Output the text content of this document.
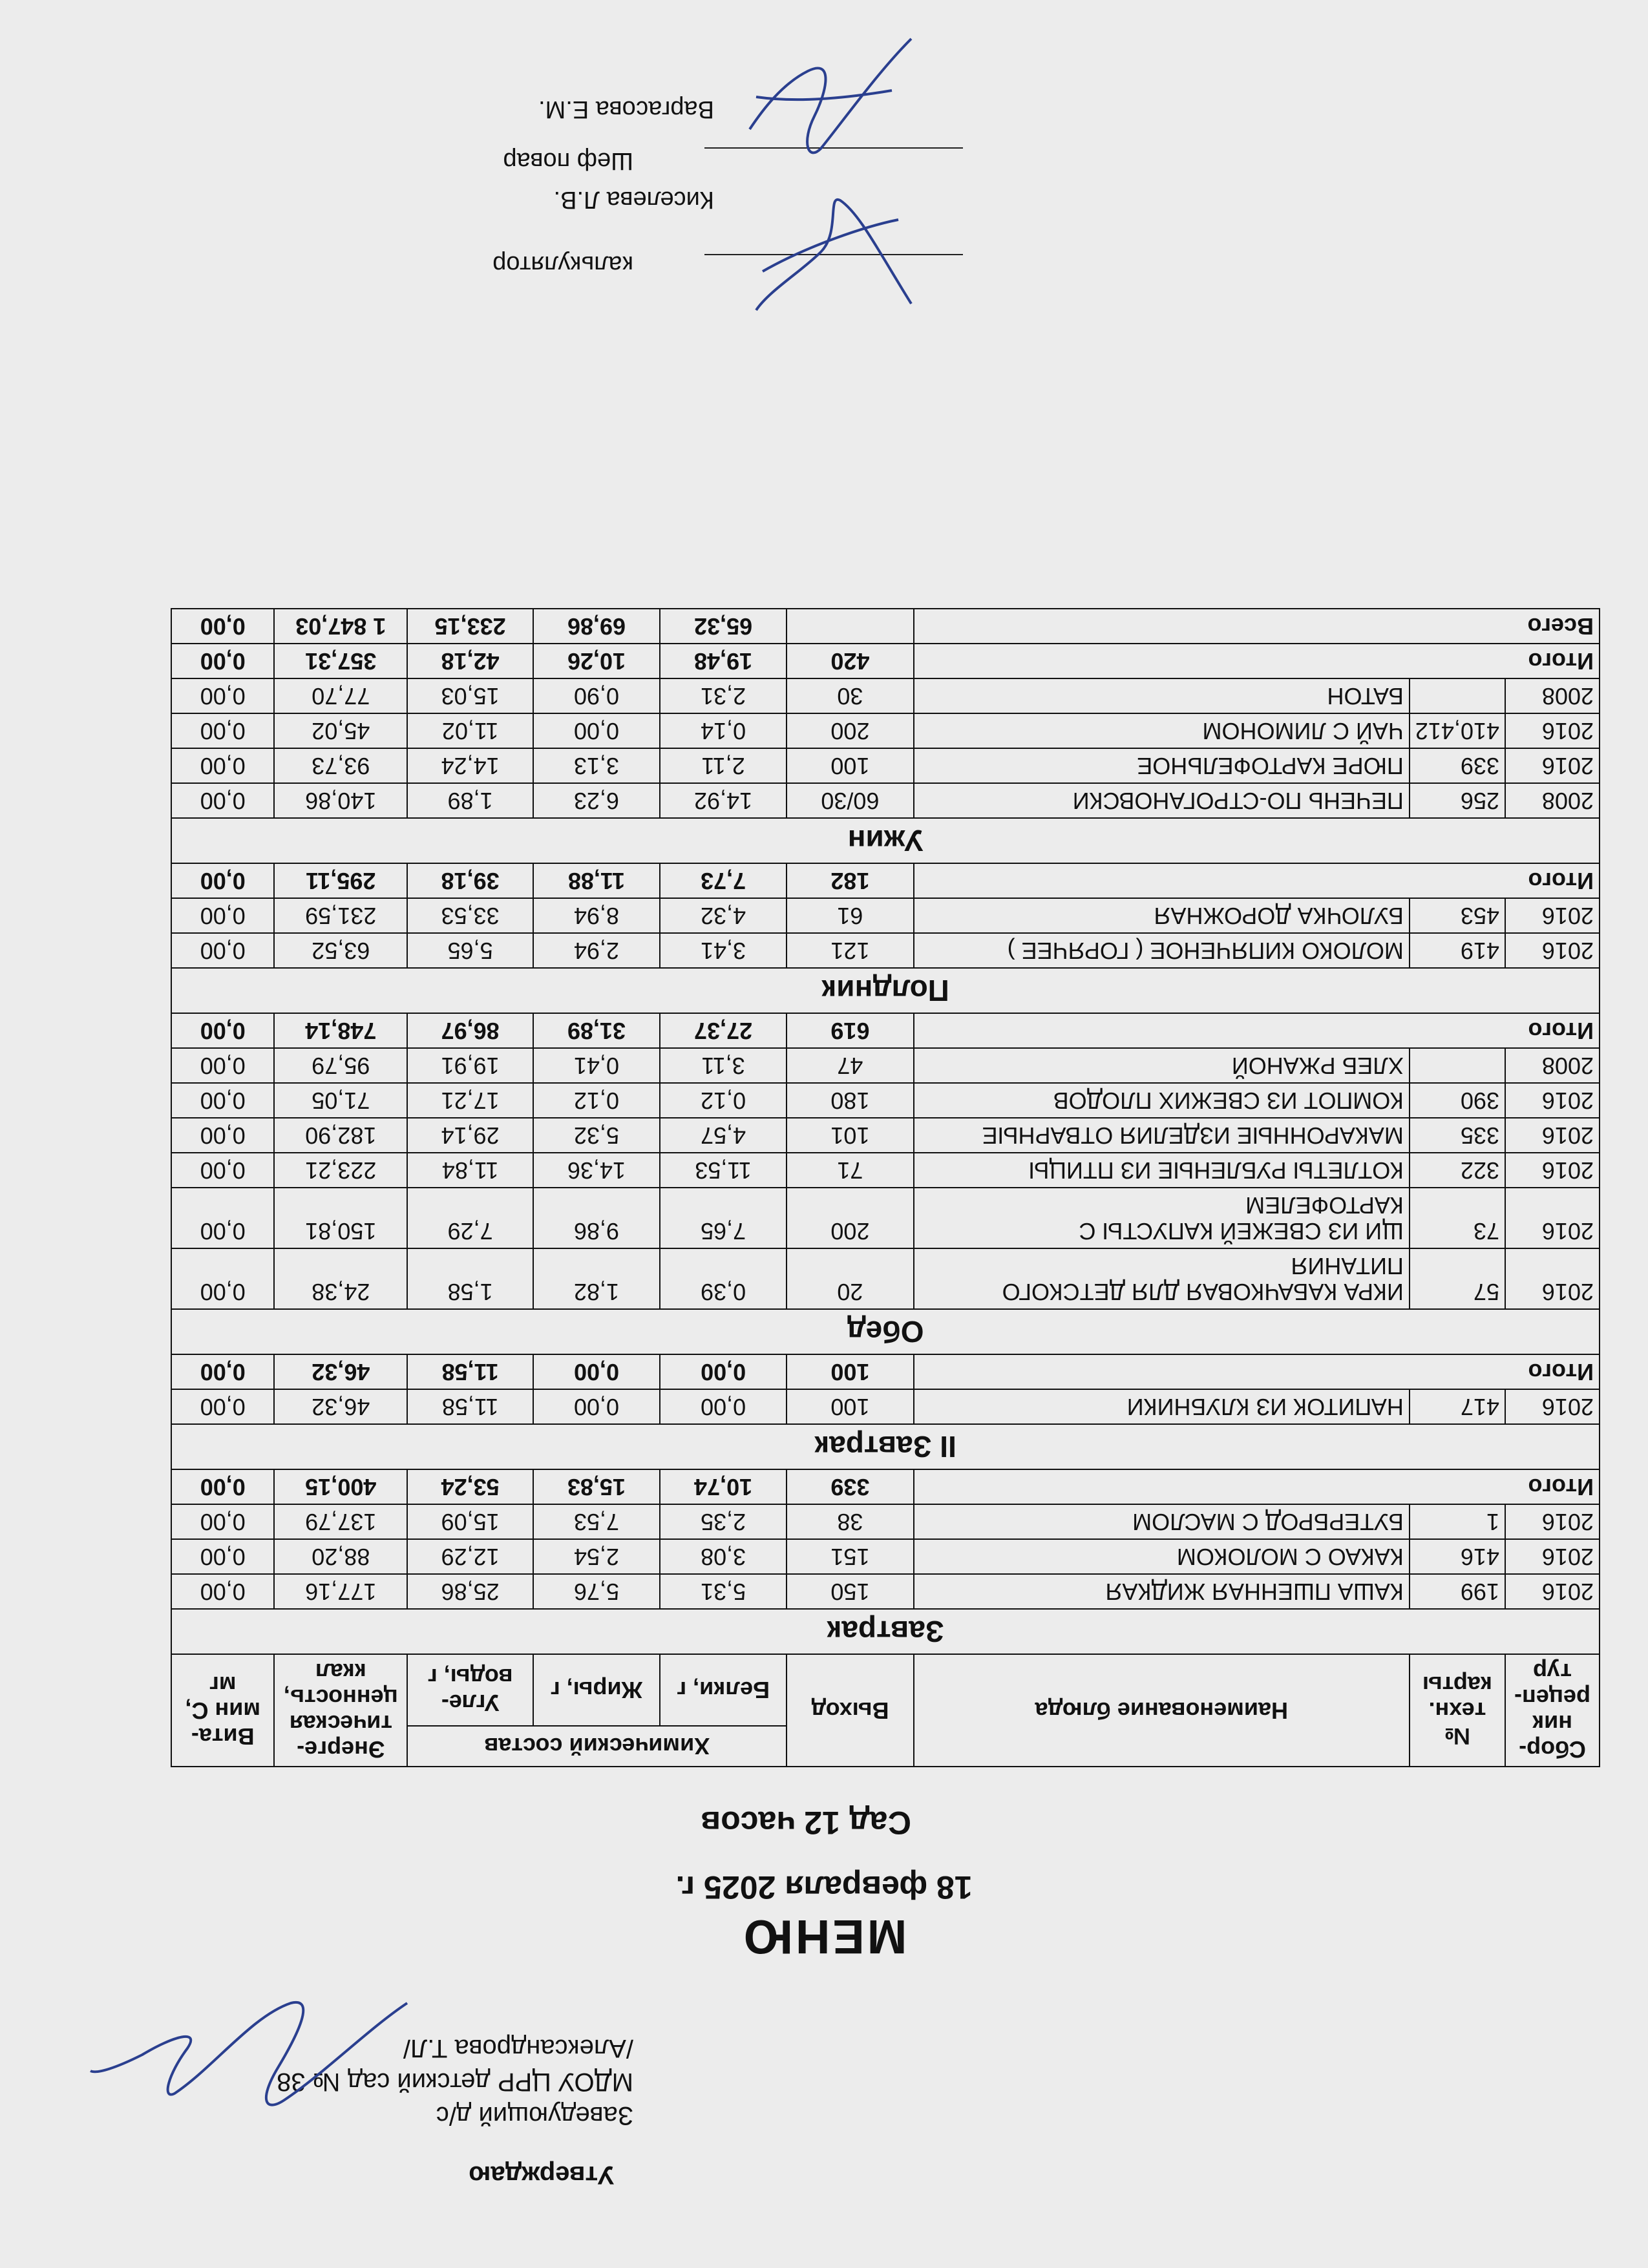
Утверждаю
Заведующий д/с
МДОУ ЦРР детский сад № 38
/Александрова Т.Л/
МЕНЮ
18 февраля 2025 г.
Сад 12 часов
Сбор-ник рецеп-тур	№ техн. карты	Наименование блюда	Выход	Химический состав			Энерге-тическая ценность, ккал	Вита-мин С, мг
				Белки, г	Жиры, г	Угле-воды, г		
Завтрак								
2016	199	КАША ПШЕННАЯ ЖИДКАЯ	150	5,31	5,76	25,86	177,16	0,00
2016	416	КАКАО С МОЛОКОМ	151	3,08	2,54	12,29	88,20	0,00
2016	1	БУТЕРБРОД С МАСЛОМ	38	2,35	7,53	15,09	137,79	0,00
Итого			339	10,74	15,83	53,24	400,15	0,00
II Завтрак								
2016	417	НАПИТОК ИЗ КЛУБНИКИ	100	0,00	0,00	11,58	46,32	0,00
Итого			100	0,00	0,00	11,58	46,32	0,00
Обед								
2016	57	ИКРА КАБАЧКОВАЯ ДЛЯ ДЕТСКОГО ПИТАНИЯ	20	0,39	1,82	1,58	24,38	0,00
2016	73	ЩИ ИЗ СВЕЖЕЙ КАПУСТЫ С КАРТОФЕЛЕМ	200	7,65	9,86	7,29	150,81	0,00
2016	322	КОТЛЕТЫ РУБЛЕНЫЕ ИЗ ПТИЦЫ	71	11,53	14,36	11,84	223,21	0,00
2016	335	МАКАРОННЫЕ ИЗДЕЛИЯ ОТВАРНЫЕ	101	4,57	5,32	29,14	182,90	0,00
2016	390	КОМПОТ ИЗ СВЕЖИХ ПЛОДОВ	180	0,12	0,12	17,21	71,05	0,00
2008		ХЛЕБ РЖАНОЙ	47	3,11	0,41	19,91	95,79	0,00
Итого			619	27,37	31,89	86,97	748,14	0,00
Полдник								
2016	419	МОЛОКО КИПЯЧЕНОЕ ( ГОРЯЧЕЕ )	121	3,41	2,94	5,65	63,52	0,00
2016	453	БУЛОЧКА ДОРОЖНАЯ	61	4,32	8,94	33,53	231,59	0,00
Итого			182	7,73	11,88	39,18	295,11	0,00
Ужин								
2008	256	ПЕЧЕНЬ ПО-СТРОГАНОВСКИ	60/30	14,92	6,23	1,89	140,86	0,00
2016	339	ПЮРЕ КАРТОФЕЛЬНОЕ	100	2,11	3,13	14,24	93,73	0,00
2016	410,412	ЧАЙ С ЛИМОНОМ	200	0,14	0,00	11,02	45,02	0,00
2008		БАТОН	30	2,31	0,90	15,03	77,70	0,00
Итого			420	19,48	10,26	42,18	357,31	0,00
Всего				65,32	69,86	233,15	1 847,03	0,00
калькулятор
Киселева Л.В.
Шеф повар
Варгасова Е.М.
